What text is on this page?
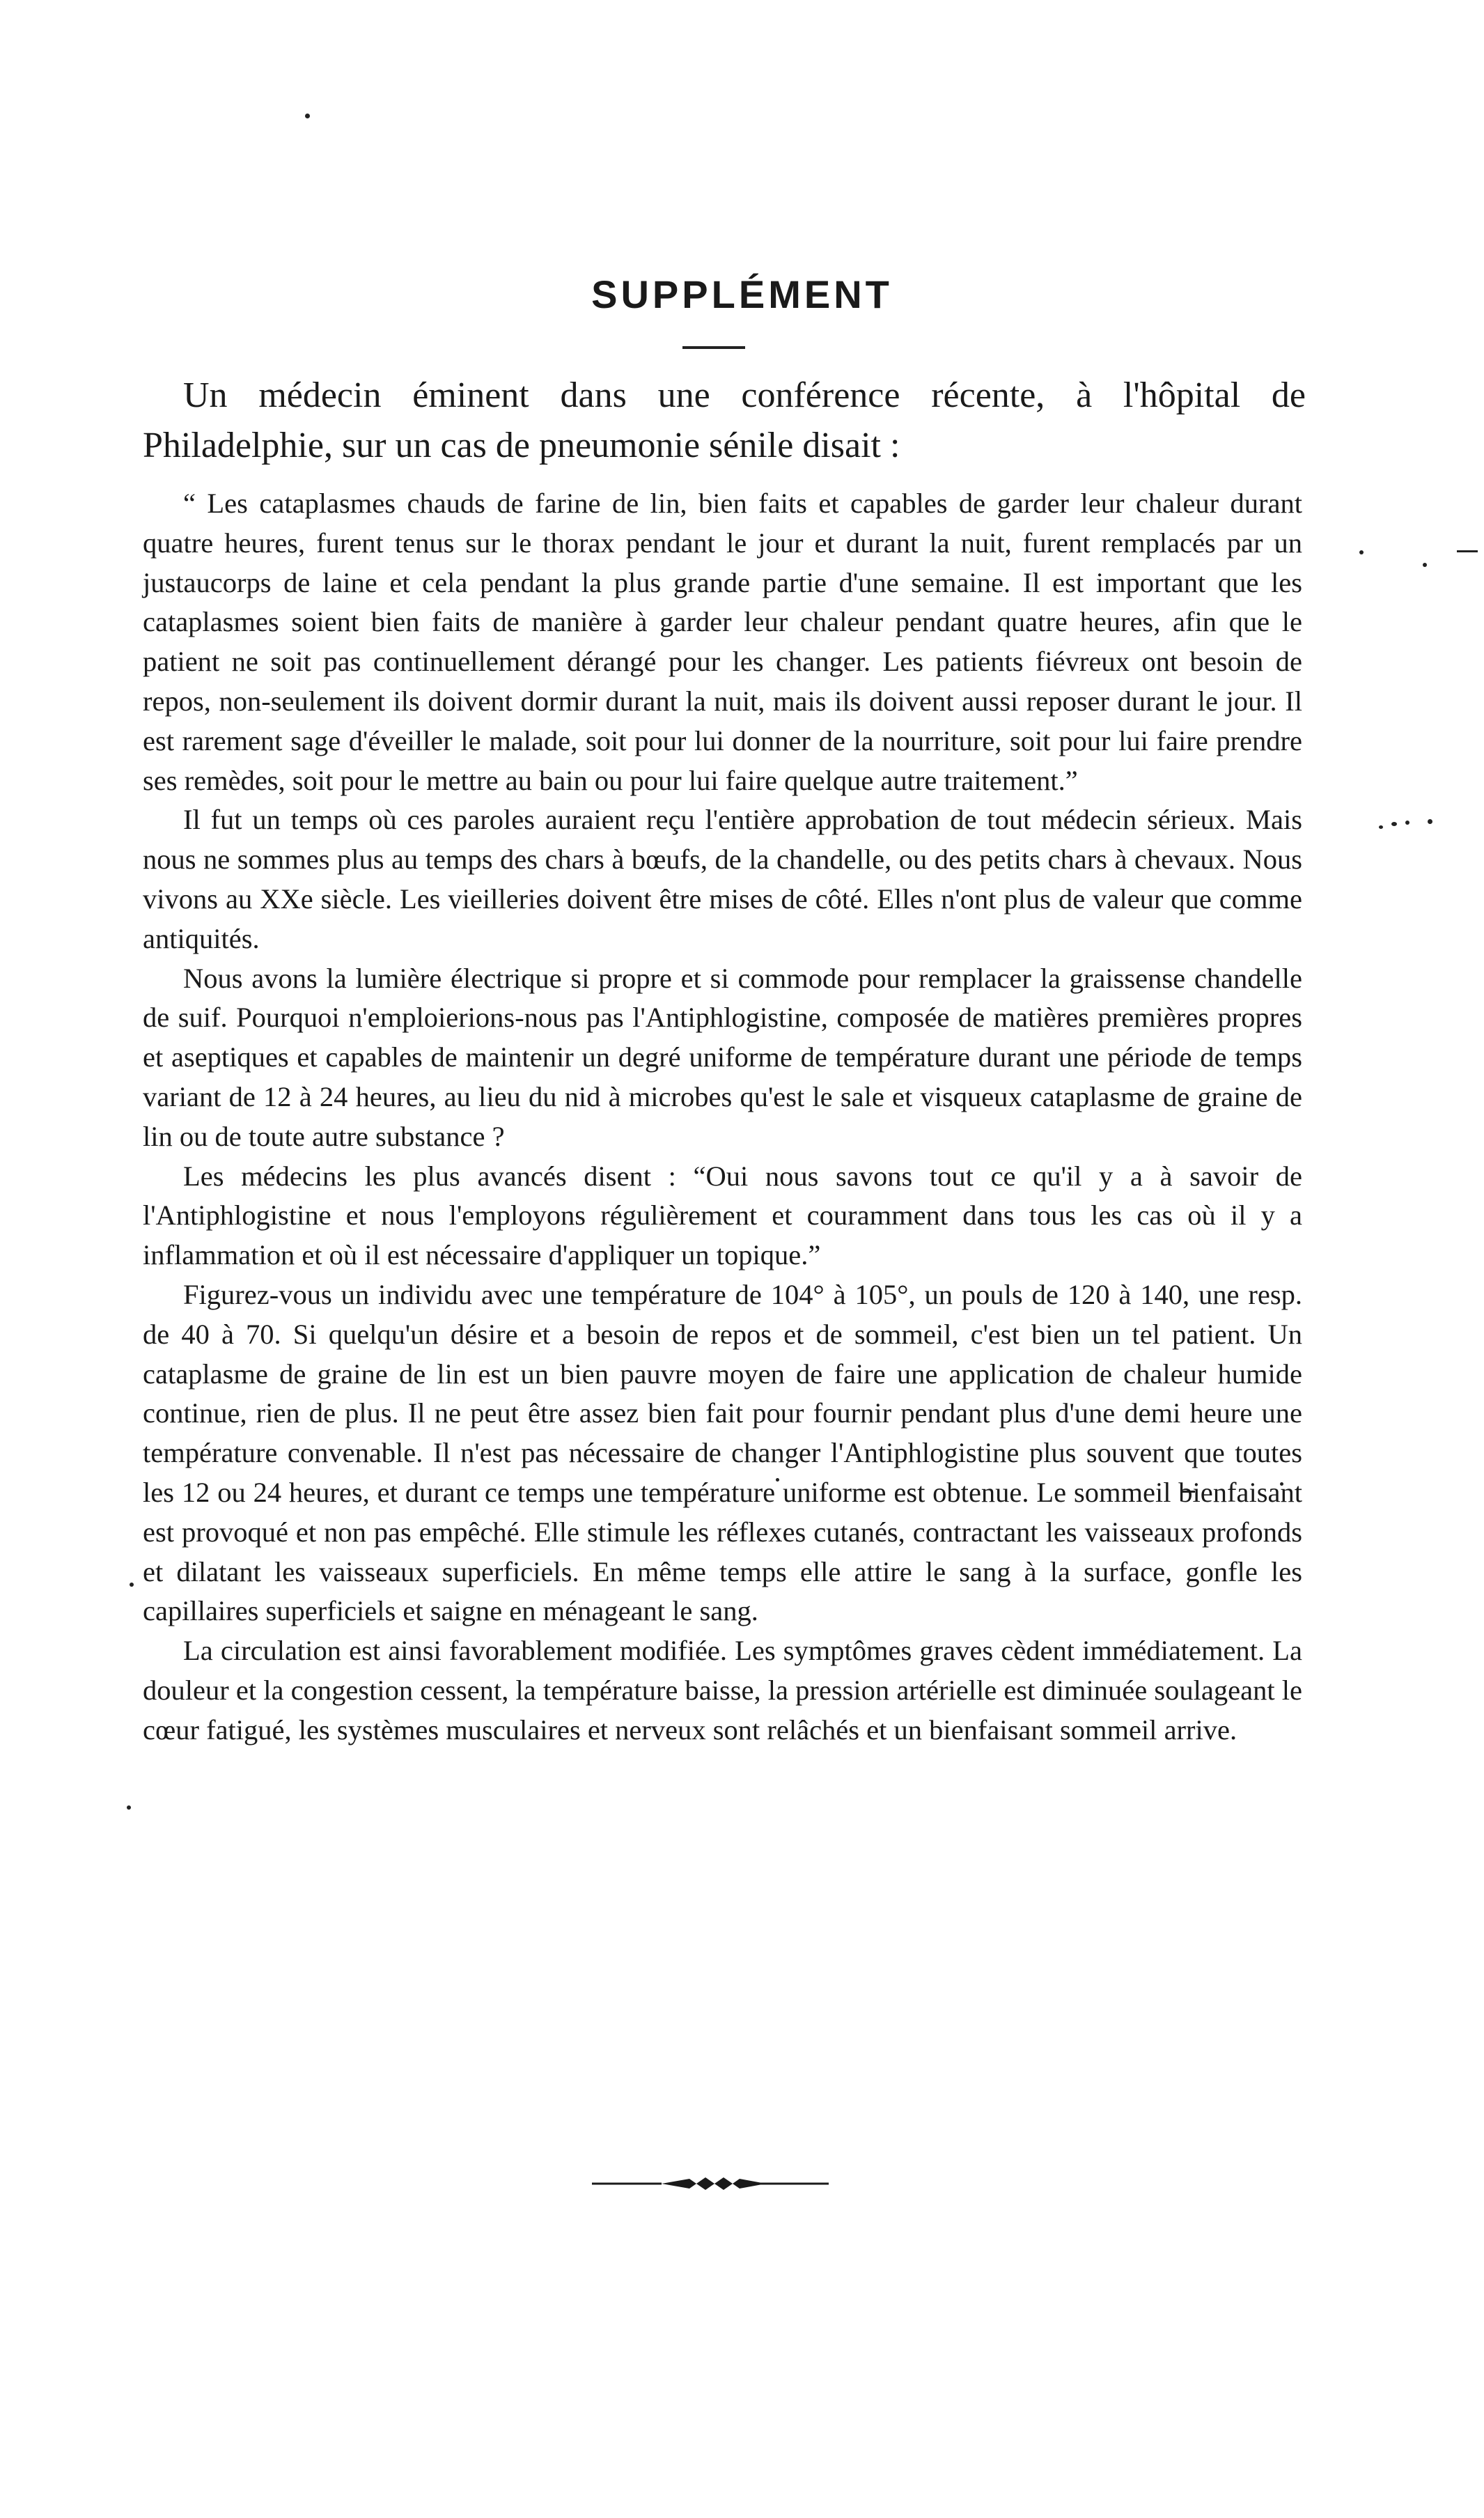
SUPPLÉMENT

Un médecin éminent dans une conférence récente, à l'hôpital de Philadelphie, sur un cas de pneumonie sénile disait :

“ Les cataplasmes chauds de farine de lin, bien faits et capables de garder leur chaleur durant quatre heures, furent tenus sur le thorax pendant le jour et durant la nuit, furent remplacés par un justaucorps de laine et cela pendant la plus grande partie d'une semaine. Il est important que les cataplasmes soient bien faits de manière à garder leur chaleur pendant quatre heures, afin que le patient ne soit pas continuellement dérangé pour les changer. Les patients fiévreux ont besoin de repos, non-seulement ils doivent dormir durant la nuit, mais ils doivent aussi reposer durant le jour. Il est rarement sage d'éveiller le malade, soit pour lui donner de la nourriture, soit pour lui faire prendre ses remèdes, soit pour le mettre au bain ou pour lui faire quelque autre traitement.”

Il fut un temps où ces paroles auraient reçu l'entière approbation de tout médecin sérieux. Mais nous ne sommes plus au temps des chars à bœufs, de la chandelle, ou des petits chars à chevaux. Nous vivons au XXe siècle. Les vieilleries doivent être mises de côté. Elles n'ont plus de valeur que comme antiquités.

Nous avons la lumière électrique si propre et si commode pour remplacer la graissense chandelle de suif. Pourquoi n'emploierions-nous pas l'Antiphlogistine, composée de matières premières propres et aseptiques et capables de maintenir un degré uniforme de température durant une période de temps variant de 12 à 24 heures, au lieu du nid à microbes qu'est le sale et visqueux cataplasme de graine de lin ou de toute autre substance ?

Les médecins les plus avancés disent : “Oui nous savons tout ce qu'il y a à savoir de l'Antiphlogistine et nous l'employons régulièrement et couramment dans tous les cas où il y a inflammation et où il est nécessaire d'appliquer un topique.”

Figurez-vous un individu avec une température de 104° à 105°, un pouls de 120 à 140, une resp. de 40 à 70. Si quelqu'un désire et a besoin de repos et de sommeil, c'est bien un tel patient. Un cataplasme de graine de lin est un bien pauvre moyen de faire une application de chaleur humide continue, rien de plus. Il ne peut être assez bien fait pour fournir pendant plus d'une demi heure une température convenable. Il n'est pas nécessaire de changer l'Antiphlogistine plus souvent que toutes les 12 ou 24 heures, et durant ce temps une température uniforme est obtenue. Le sommeil bienfaisant est provoqué et non pas empêché. Elle stimule les réflexes cutanés, contractant les vaisseaux profonds et dilatant les vaisseaux superficiels. En même temps elle attire le sang à la surface, gonfle les capillaires superficiels et saigne en ménageant le sang.

La circulation est ainsi favorablement modifiée. Les symptômes graves cèdent immédiatement. La douleur et la congestion cessent, la température baisse, la pression artérielle est diminuée soulageant le cœur fatigué, les systèmes musculaires et nerveux sont relâchés et un bienfaisant sommeil arrive.
